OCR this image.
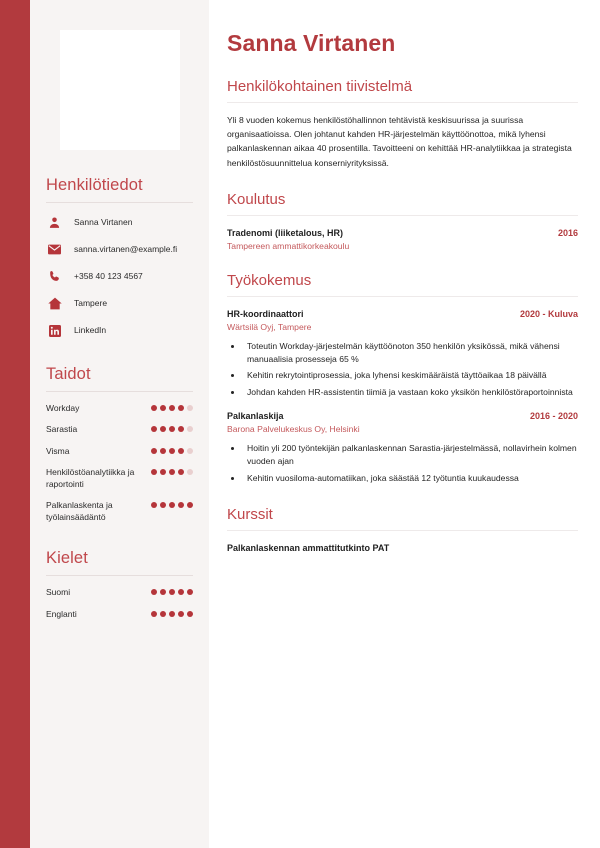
Henkilötiedot
Sanna Virtanen
sanna.virtanen@example.fi
+358 40 123 4567
Tampere
LinkedIn
Taidot
Workday
Sarastia
Visma
Henkilöstöanalytiikka ja raportointi
Palkanlaskenta ja työlainsäädäntö
Kielet
Suomi
Englanti
Sanna Virtanen
Henkilökohtainen tiivistelmä

Yli 8 vuoden kokemus henkilöstöhallinnon tehtävistä keskisuurissa ja suurissa organisaatioissa. Olen johtanut kahden HR-järjestelmän käyttöönottoa, mikä lyhensi palkanlaskennan aikaa 40 prosentilla. Tavoitteeni on kehittää HR-analytiikkaa ja strategista henkilöstösuunnittelua konserniyrityksissä.

Koulutus
Tradenomi (liiketalous, HR)	2016
Tampereen ammattikorkeakoulu
Työkokemus
HR-koordinaattori	2020 - Kuluva
Wärtsilä Oyj, Tampere
• Toteutin Workday-järjestelmän käyttöönoton 350 henkilön yksikössä, mikä vähensi manuaalisia prosesseja 65 %
• Kehitin rekrytointiprosessia, joka lyhensi keskimääräistä täyttöaikaa 18 päivällä
• Johdan kahden HR-assistentin tiimiä ja vastaan koko yksikön henkilöstöraportoinnista
Palkanlaskija	2016 - 2020
Barona Palvelukeskus Oy, Helsinki
• Hoitin yli 200 työntekijän palkanlaskennan Sarastia-järjestelmässä, nollavirhein kolmen vuoden ajan
• Kehitin vuosiloma-automatiikan, joka säästää 12 työtuntia kuukaudessa
Kurssit
Palkanlaskennan ammattitutkinto PAT
